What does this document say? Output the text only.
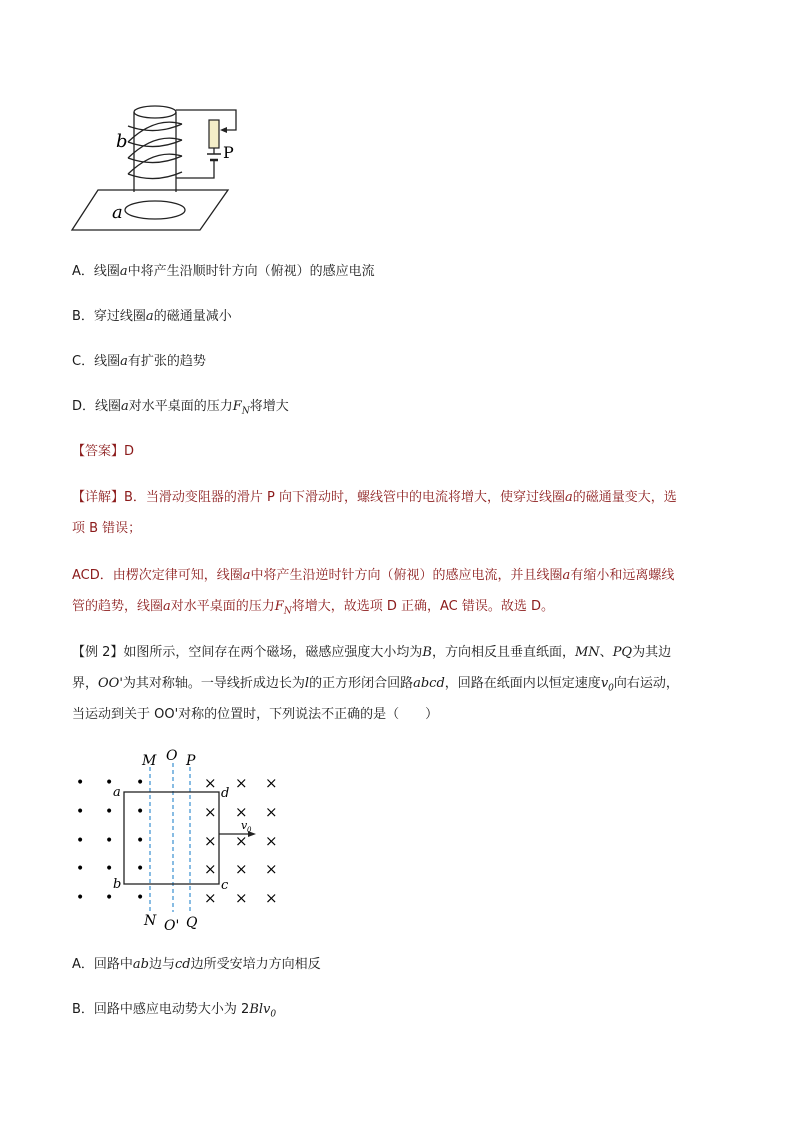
b
P
a
A．线圈a中将产生沿顺时针方向（俯视）的感应电流
B．穿过线圈a的磁通量减小
C．线圈a有扩张的趋势
D．线圈a对水平桌面的压力$F_N$将增大
【答案】D
【详解】B．当滑动变阻器的滑片 P 向下滑动时，螺线管中的电流将增大，使穿过线圈a的磁通量变大，选
项 B 错误；
ACD．由楞次定律可知，线圈a中将产生沿逆时针方向（俯视）的感应电流，并且线圈a有缩小和远离螺线
管的趋势，线圈a对水平桌面的压力$F_N$将增大，故选项 D 正确，AC 错误。故选 D。
【例 2】如图所示，空间存在两个磁场，磁感应强度大小均为B，方向相反且垂直纸面，MN、PQ为其边
界，OO'为其对称轴。一导线折成边长为l的正方形闭合回路abcd，回路在纸面内以恒定速度$v_0$向右运动，
当运动到关于 OO'对称的位置时，下列说法不正确的是（　　）
• • •
• • •
• • •
• • •
• • •
× × ×
× × ×
× × ×
× × ×
× × ×
M O P
N O' Q
a
b	c
d
v 0
A．回路中ab边与cd边所受安培力方向相反
B．回路中感应电动势大小为 2Blv$_0$
